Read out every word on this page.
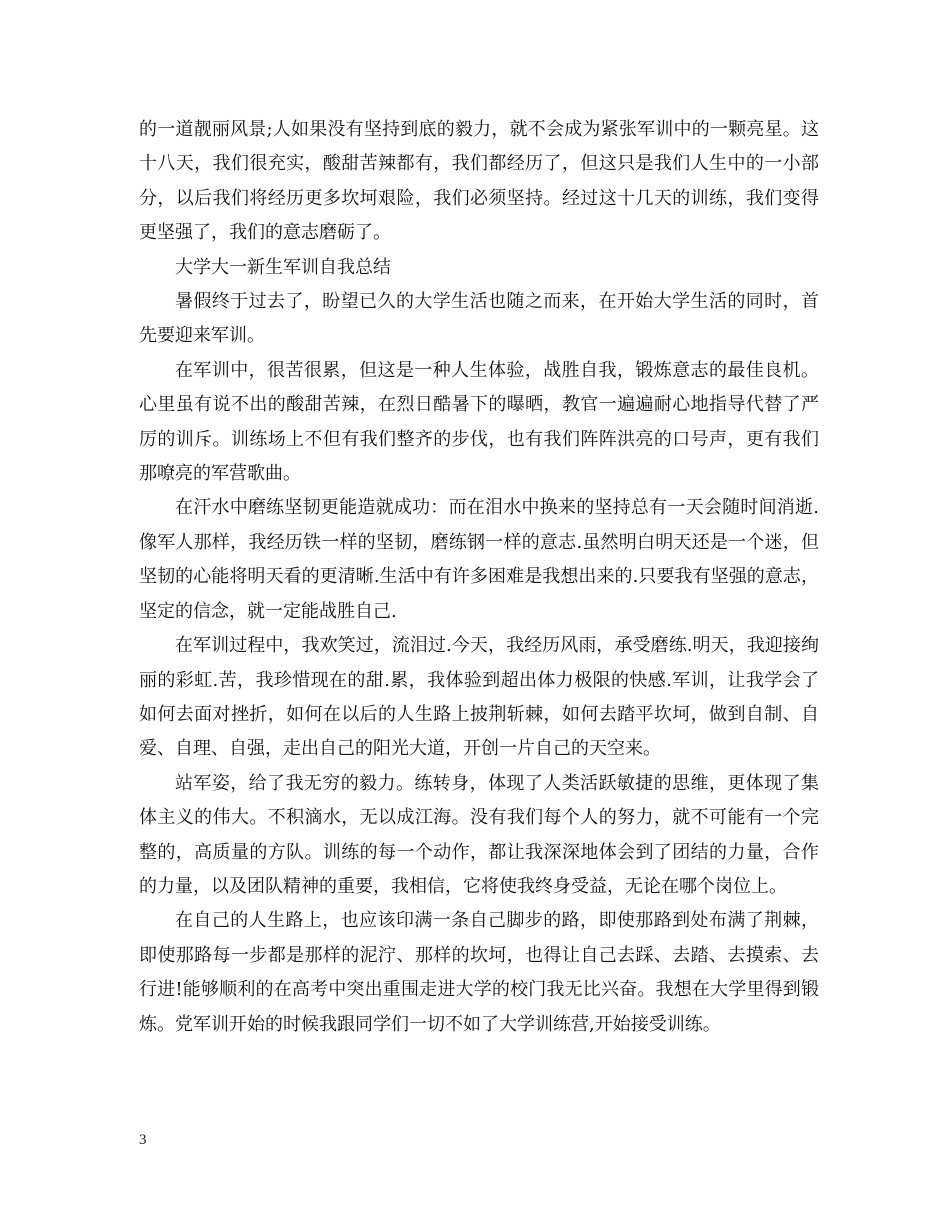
的一道靓丽风景;人如果没有坚持到底的毅力，就不会成为紧张军训中的一颗亮星。这十八天，我们很充实，酸甜苦辣都有，我们都经历了，但这只是我们人生中的一小部分，以后我们将经历更多坎坷艰险，我们必须坚持。经过这十几天的训练，我们变得更坚强了，我们的意志磨砺了。

大学大一新生军训自我总结

暑假终于过去了，盼望已久的大学生活也随之而来，在开始大学生活的同时，首先要迎来军训。

在军训中，很苦很累，但这是一种人生体验，战胜自我，锻炼意志的最佳良机。心里虽有说不出的酸甜苦辣，在烈日酷暑下的曝晒，教官一遍遍耐心地指导代替了严厉的训斥。训练场上不但有我们整齐的步伐，也有我们阵阵洪亮的口号声，更有我们那嘹亮的军营歌曲。

在汗水中磨练坚韧更能造就成功：而在泪水中换来的坚持总有一天会随时间消逝.像军人那样，我经历铁一样的坚韧，磨练钢一样的意志.虽然明白明天还是一个迷，但坚韧的心能将明天看的更清晰.生活中有许多困难是我想出来的.只要我有坚强的意志，坚定的信念，就一定能战胜自己.

在军训过程中，我欢笑过，流泪过.今天，我经历风雨，承受磨练.明天，我迎接绚丽的彩虹.苦，我珍惜现在的甜.累，我体验到超出体力极限的快感.军训，让我学会了如何去面对挫折，如何在以后的人生路上披荆斩棘，如何去踏平坎坷，做到自制、自爱、自理、自强，走出自己的阳光大道，开创一片自己的天空来。

站军姿，给了我无穷的毅力。练转身，体现了人类活跃敏捷的思维，更体现了集体主义的伟大。不积滴水，无以成江海。没有我们每个人的努力，就不可能有一个完整的，高质量的方队。训练的每一个动作，都让我深深地体会到了团结的力量，合作的力量，以及团队精神的重要，我相信，它将使我终身受益，无论在哪个岗位上。

在自己的人生路上，也应该印满一条自己脚步的路，即使那路到处布满了荆棘，即使那路每一步都是那样的泥泞、那样的坎坷，也得让自己去踩、去踏、去摸索、去行进!能够顺利的在高考中突出重围走进大学的校门我无比兴奋。我想在大学里得到锻炼。党军训开始的时候我跟同学们一切不如了大学训练营,开始接受训练。

3
